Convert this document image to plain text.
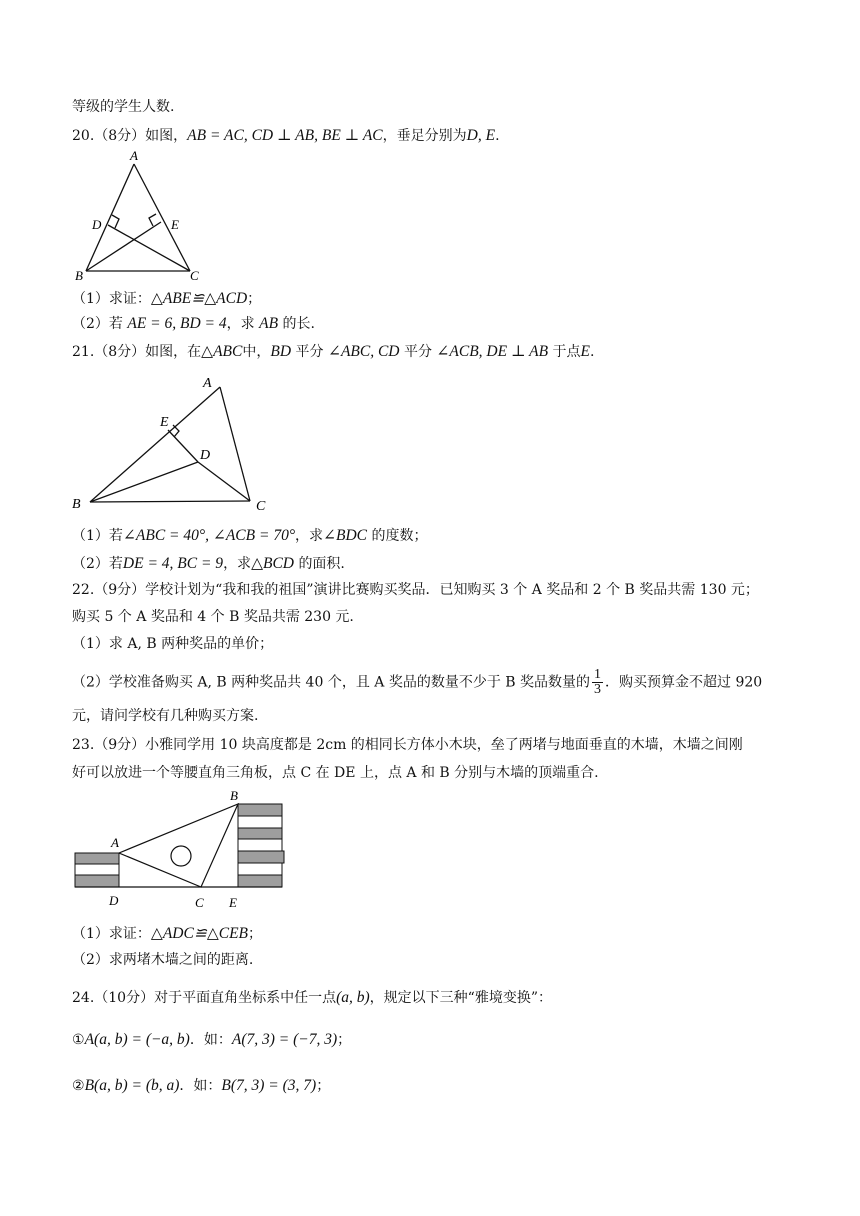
等级的学生人数.
20.（8分）如图，AB = AC, CD ⊥ AB, BE ⊥ AC，垂足分别为D, E.
A
D	E
B	C
（1）求证：△ABE≌△ACD；
（2）若 AE = 6, BD = 4，求 AB 的长.
21.（8分）如图，在△ABC中，BD 平分 ∠ABC, CD 平分 ∠ACB, DE ⊥ AB 于点E.
A
E
D
B	C
（1）若∠ABC = 40°, ∠ACB = 70°，求∠BDC 的度数；
（2）若DE = 4, BC = 9，求△BCD 的面积.
22.（9分）学校计划为“我和我的祖国”演讲比赛购买奖品．已知购买 3 个 A 奖品和 2 个 B 奖品共需 130 元；
购买 5 个 A 奖品和 4 个 B 奖品共需 230 元.
（1）求 A, B 两种奖品的单价；
（2）学校准备购买 A, B 两种奖品共 40 个，且 A 奖品的数量不少于 B 奖品数量的 $\frac{1}{3}$ ．购买预算金不超过 920
元，请问学校有几种购买方案.
23.（9分）小雅同学用 10 块高度都是 2cm 的相同长方体小木块，垒了两堵与地面垂直的木墙，木墙之间刚
好可以放进一个等腰直角三角板，点 C 在 DE 上，点 A 和 B 分别与木墙的顶端重合.
B
A
D	C E
（1）求证：△ADC≌△CEB；
（2）求两堵木墙之间的距离.
24.（10分）对于平面直角坐标系中任一点(a, b)，规定以下三种“雅境变换”：
①A(a, b) = (−a, b)．如：A(7, 3) = (−7, 3)；
②B(a, b) = (b, a)．如：B(7, 3) = (3, 7)；
